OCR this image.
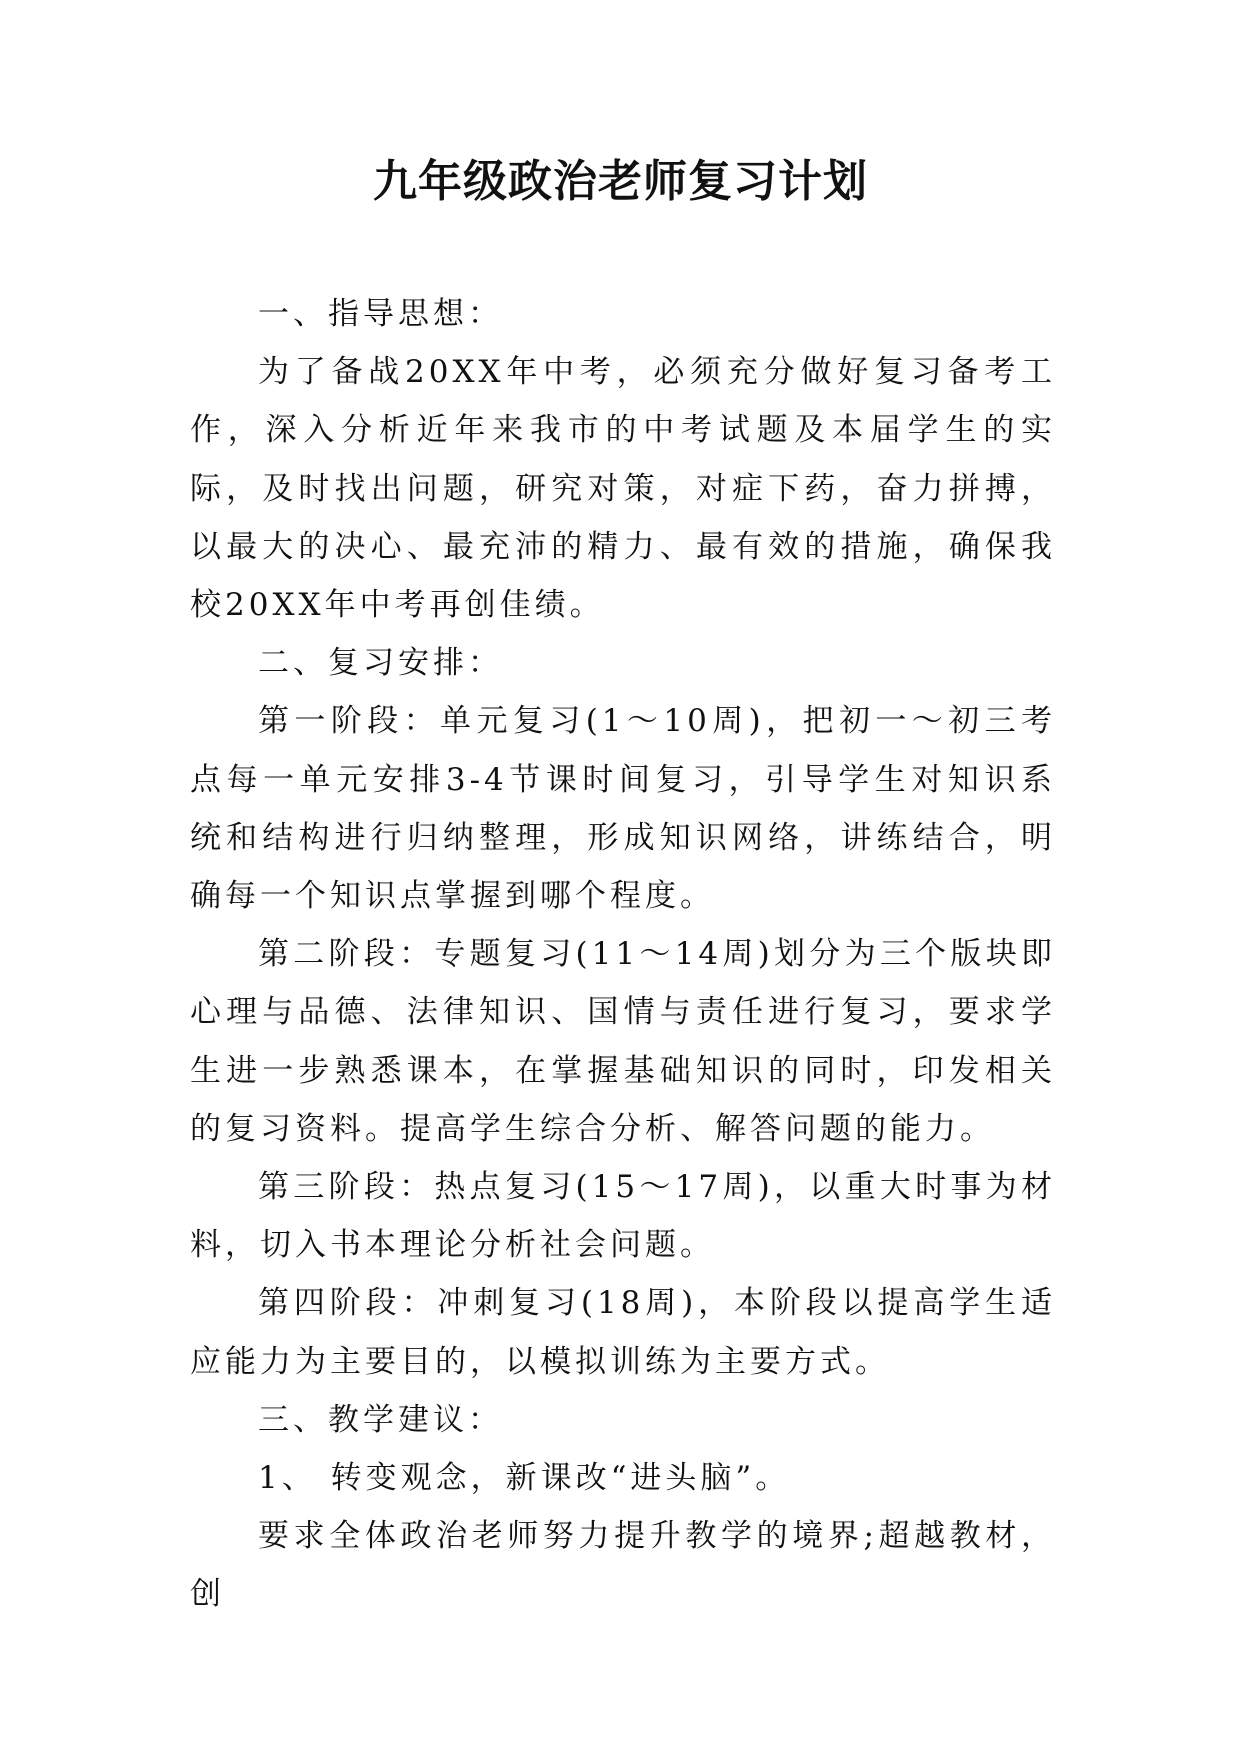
九年级政治老师复习计划

一、指导思想：

为了备战20XX年中考，必须充分做好复习备考工作，深入分析近年来我市的中考试题及本届学生的实际，及时找出问题，研究对策，对症下药，奋力拼搏，以最大的决心、最充沛的精力、最有效的措施，确保我校20XX年中考再创佳绩。

二、复习安排：

第一阶段：单元复习(1～10周)，把初一～初三考点每一单元安排3-4节课时间复习，引导学生对知识系统和结构进行归纳整理，形成知识网络，讲练结合，明确每一个知识点掌握到哪个程度。

第二阶段：专题复习(11～14周)划分为三个版块即心理与品德、法律知识、国情与责任进行复习，要求学生进一步熟悉课本，在掌握基础知识的同时，印发相关的复习资料。提高学生综合分析、解答问题的能力。

第三阶段：热点复习(15～17周)，以重大时事为材料，切入书本理论分析社会问题。

第四阶段：冲刺复习(18周)，本阶段以提高学生适应能力为主要目的，以模拟训练为主要方式。

三、教学建议：

1、 转变观念，新课改“进头脑”。

要求全体政治老师努力提升教学的境界;超越教材，创
